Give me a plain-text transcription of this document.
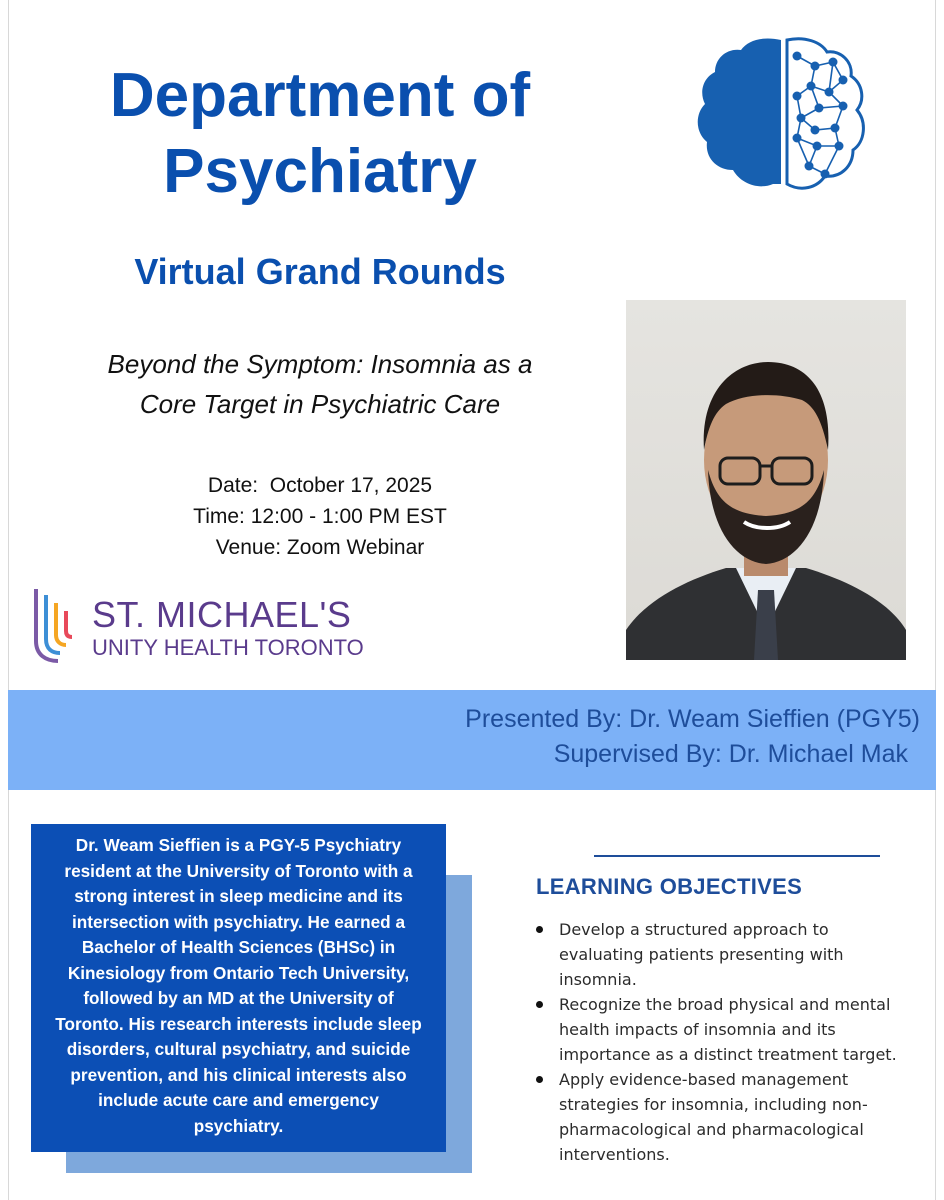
Department of
Psychiatry
Virtual Grand Rounds
Beyond the Symptom: Insomnia as a
Core Target in Psychiatric Care
Date:  October 17, 2025
Time: 12:00 - 1:00 PM EST
Venue: Zoom Webinar
ST. MICHAEL'S
UNITY HEALTH TORONTO
Presented By: Dr. Weam Sieffien (PGY5)
Supervised By: Dr. Michael Mak
Dr. Weam Sieffien is a PGY-5 Psychiatry
resident at the University of Toronto with a
strong interest in sleep medicine and its
intersection with psychiatry. He earned a
Bachelor of Health Sciences (BHSc) in
Kinesiology from Ontario Tech University,
followed by an MD at the University of
Toronto. His research interests include sleep
disorders, cultural psychiatry, and suicide
prevention, and his clinical interests also
include acute care and emergency
psychiatry.
LEARNING OBJECTIVES
Develop a structured approach to
evaluating patients presenting with
insomnia.
Recognize the broad physical and mental
health impacts of insomnia and its
importance as a distinct treatment target.
Apply evidence-based management
strategies for insomnia, including non-
pharmacological and pharmacological
interventions.
